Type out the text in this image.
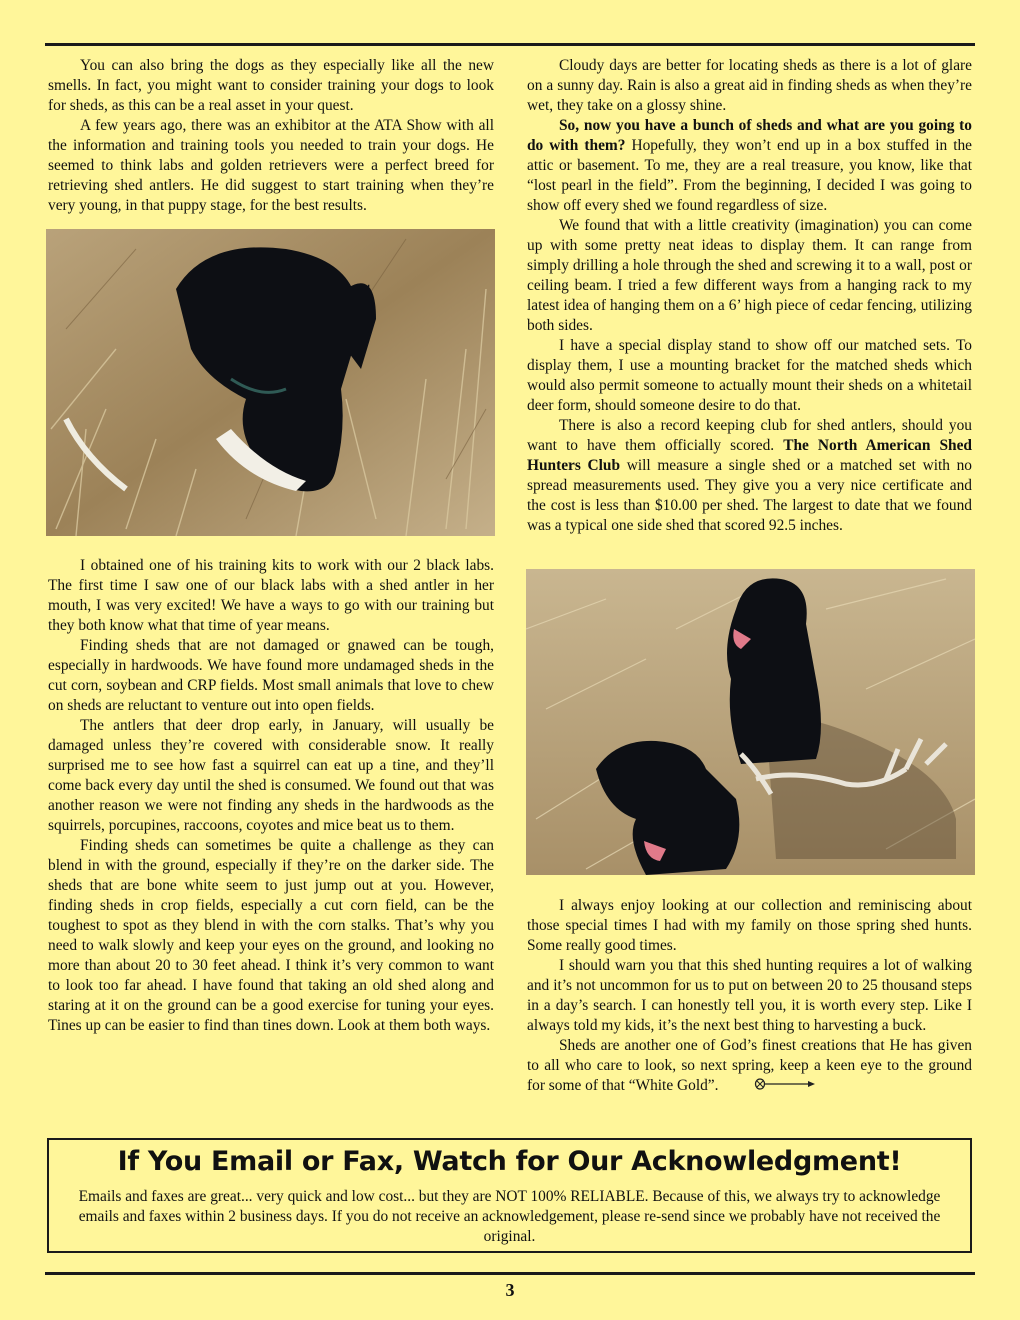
You can also bring the dogs as they especially like all the new smells. In fact, you might want to consider training your dogs to look for sheds, as this can be a real asset in your quest.

A few years ago, there was an exhibitor at the ATA Show with all the information and training tools you needed to train your dogs. He seemed to think labs and golden retrievers were a perfect breed for retrieving shed antlers. He did suggest to start training when they’re very young, in that puppy stage, for the best results.

I obtained one of his training kits to work with our 2 black labs. The first time I saw one of our black labs with a shed antler in her mouth, I was very excited! We have a ways to go with our training but they both know what that time of year means.

Finding sheds that are not damaged or gnawed can be tough, especially in hardwoods. We have found more undamaged sheds in the cut corn, soybean and CRP fields. Most small animals that love to chew on sheds are reluctant to venture out into open fields.

The antlers that deer drop early, in January, will usually be damaged unless they’re covered with considerable snow. It really surprised me to see how fast a squirrel can eat up a tine, and they’ll come back every day until the shed is consumed. We found out that was another reason we were not finding any sheds in the hardwoods as the squirrels, porcupines, raccoons, coyotes and mice beat us to them.

Finding sheds can sometimes be quite a challenge as they can blend in with the ground, especially if they’re on the darker side. The sheds that are bone white seem to just jump out at you. However, finding sheds in crop fields, especially a cut corn field, can be the toughest to spot as they blend in with the corn stalks. That’s why you need to walk slowly and keep your eyes on the ground, and looking no more than about 20 to 30 feet ahead. I think it’s very common to want to look too far ahead. I have found that taking an old shed along and staring at it on the ground can be a good exercise for tuning your eyes. Tines up can be easier to find than tines down. Look at them both ways.

Cloudy days are better for locating sheds as there is a lot of glare on a sunny day. Rain is also a great aid in finding sheds as when they’re wet, they take on a glossy shine.

So, now you have a bunch of sheds and what are you going to do with them? Hopefully, they won’t end up in a box stuffed in the attic or basement. To me, they are a real treasure, you know, like that “lost pearl in the field”. From the beginning, I decided I was going to show off every shed we found regardless of size.

We found that with a little creativity (imagination) you can come up with some pretty neat ideas to display them. It can range from simply drilling a hole through the shed and screwing it to a wall, post or ceiling beam. I tried a few different ways from a hanging rack to my latest idea of hanging them on a 6’ high piece of cedar fencing, utilizing both sides.

I have a special display stand to show off our matched sets. To display them, I use a mounting bracket for the matched sheds which would also permit someone to actually mount their sheds on a whitetail deer form, should someone desire to do that.

There is also a record keeping club for shed antlers, should you want to have them officially scored. The North American Shed Hunters Club will measure a single shed or a matched set with no spread measurements used. They give you a very nice certificate and the cost is less than $10.00 per shed. The largest to date that we found was a typical one side shed that scored 92.5 inches.

I always enjoy looking at our collection and reminiscing about those special times I had with my family on those spring shed hunts. Some really good times.

I should warn you that this shed hunting requires a lot of walking and it’s not uncommon for us to put on between 20 to 25 thousand steps in a day’s search. I can honestly tell you, it is worth every step. Like I always told my kids, it’s the next best thing to harvesting a buck.

Sheds are another one of God’s finest creations that He has given to all who care to look, so next spring, keep a keen eye to the ground for some of that “White Gold”.

If You Email or Fax, Watch for Our Acknowledgment!
Emails and faxes are great... very quick and low cost... but they are NOT 100% RELIABLE. Because of this, we always try to acknowledge emails and faxes within 2 business days. If you do not receive an acknowledgement, please re-send since we probably have not received the original.
3
